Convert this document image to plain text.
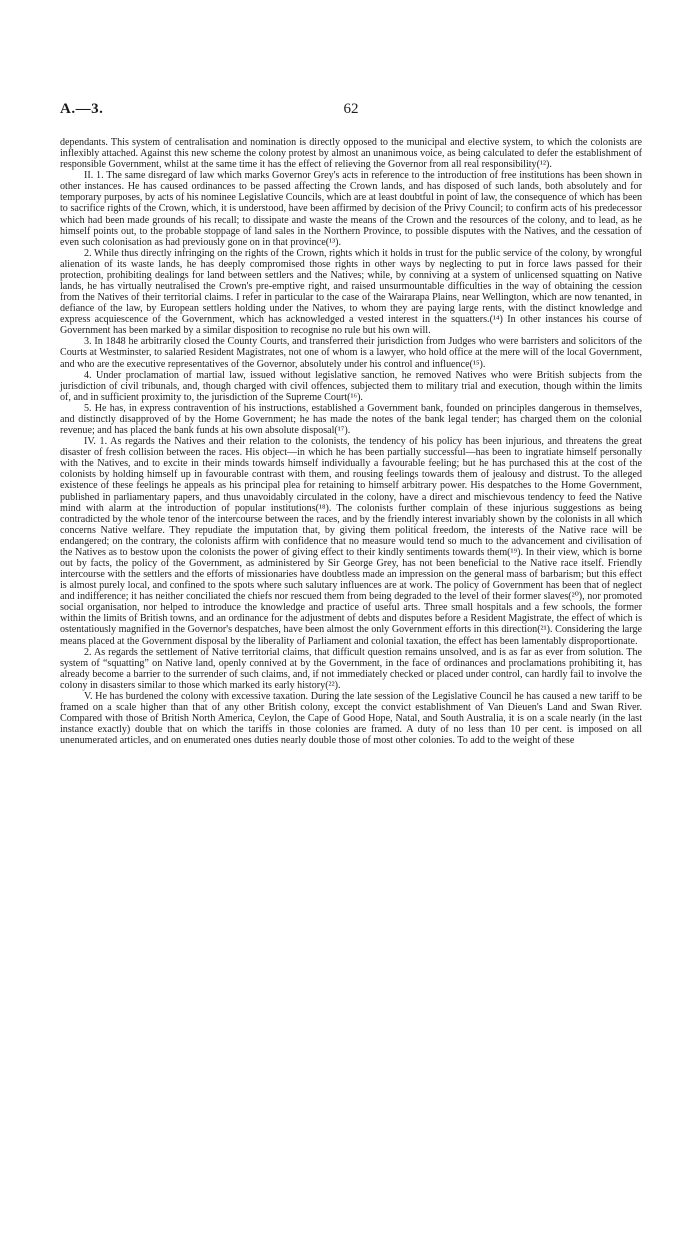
A.—3.	62

dependants. This system of centralisation and nomination is directly opposed to the municipal and elective system, to which the colonists are inflexibly attached. Against this new scheme the colony protest by almost an unanimous voice, as being calculated to defer the establishment of responsible Government, whilst at the same time it has the effect of relieving the Governor from all real responsibility(¹²).

II. 1. The same disregard of law which marks Governor Grey's acts in reference to the introduction of free institutions has been shown in other instances. He has caused ordinances to be passed affecting the Crown lands, and has disposed of such lands, both absolutely and for temporary purposes, by acts of his nominee Legislative Councils, which are at least doubtful in point of law, the consequence of which has been to sacrifice rights of the Crown, which, it is understood, have been affirmed by decision of the Privy Council; to confirm acts of his predecessor which had been made grounds of his recall; to dissipate and waste the means of the Crown and the resources of the colony, and to lead, as he himself points out, to the probable stoppage of land sales in the Northern Province, to possible disputes with the Natives, and the cessation of even such colonisation as had previously gone on in that province(¹³).

2. While thus directly infringing on the rights of the Crown, rights which it holds in trust for the public service of the colony, by wrongful alienation of its waste lands, he has deeply compromised those rights in other ways by neglecting to put in force laws passed for their protection, prohibiting dealings for land between settlers and the Natives; while, by conniving at a system of unlicensed squatting on Native lands, he has virtually neutralised the Crown's pre-emptive right, and raised unsurmountable difficulties in the way of obtaining the cession from the Natives of their territorial claims. I refer in particular to the case of the Wairarapa Plains, near Wellington, which are now tenanted, in defiance of the law, by European settlers holding under the Natives, to whom they are paying large rents, with the distinct knowledge and express acquiescence of the Government, which has acknowledged a vested interest in the squatters.(¹⁴) In other instances his course of Government has been marked by a similar disposition to recognise no rule but his own will.

3. In 1848 he arbitrarily closed the County Courts, and transferred their jurisdiction from Judges who were barristers and solicitors of the Courts at Westminster, to salaried Resident Magistrates, not one of whom is a lawyer, who hold office at the mere will of the local Government, and who are the executive representatives of the Governor, absolutely under his control and influence(¹⁵).

4. Under proclamation of martial law, issued without legislative sanction, he removed Natives who were British subjects from the jurisdiction of civil tribunals, and, though charged with civil offences, subjected them to military trial and execution, though within the limits of, and in sufficient proximity to, the jurisdiction of the Supreme Court(¹⁶).

5. He has, in express contravention of his instructions, established a Government bank, founded on principles dangerous in themselves, and distinctly disapproved of by the Home Government; he has made the notes of the bank legal tender; has charged them on the colonial revenue; and has placed the bank funds at his own absolute disposal(¹⁷).

IV. 1. As regards the Natives and their relation to the colonists, the tendency of his policy has been injurious, and threatens the great disaster of fresh collision between the races. His object—in which he has been partially successful—has been to ingratiate himself personally with the Natives, and to excite in their minds towards himself individually a favourable feeling; but he has purchased this at the cost of the colonists by holding himself up in favourable contrast with them, and rousing feelings towards them of jealousy and distrust. To the alleged existence of these feelings he appeals as his principal plea for retaining to himself arbitrary power. His despatches to the Home Government, published in parliamentary papers, and thus unavoidably circulated in the colony, have a direct and mischievous tendency to feed the Native mind with alarm at the introduction of popular institutions(¹⁸). The colonists further complain of these injurious suggestions as being contradicted by the whole tenor of the intercourse between the races, and by the friendly interest invariably shown by the colonists in all which concerns Native welfare. They repudiate the imputation that, by giving them political freedom, the interests of the Native race will be endangered; on the contrary, the colonists affirm with confidence that no measure would tend so much to the advancement and civilisation of the Natives as to bestow upon the colonists the power of giving effect to their kindly sentiments towards them(¹⁹). In their view, which is borne out by facts, the policy of the Government, as administered by Sir George Grey, has not been beneficial to the Native race itself. Friendly intercourse with the settlers and the efforts of missionaries have doubtless made an impression on the general mass of barbarism; but this effect is almost purely local, and confined to the spots where such salutary influences are at work. The policy of Government has been that of neglect and indifference; it has neither conciliated the chiefs nor rescued them from being degraded to the level of their former slaves(²⁰), nor promoted social organisation, nor helped to introduce the knowledge and practice of useful arts. Three small hospitals and a few schools, the former within the limits of British towns, and an ordinance for the adjustment of debts and disputes before a Resident Magistrate, the effect of which is ostentatiously magnified in the Governor's despatches, have been almost the only Government efforts in this direction(²¹). Considering the large means placed at the Government disposal by the liberality of Parliament and colonial taxation, the effect has been lamentably disproportionate.

2. As regards the settlement of Native territorial claims, that difficult question remains unsolved, and is as far as ever from solution. The system of “squatting” on Native land, openly connived at by the Government, in the face of ordinances and proclamations prohibiting it, has already become a barrier to the surrender of such claims, and, if not immediately checked or placed under control, can hardly fail to involve the colony in disasters similar to those which marked its early history(²²).

V. He has burdened the colony with excessive taxation. During the late session of the Legislative Council he has caused a new tariff to be framed on a scale higher than that of any other British colony, except the convict establishment of Van Dieuen's Land and Swan River. Compared with those of British North America, Ceylon, the Cape of Good Hope, Natal, and South Australia, it is on a scale nearly (in the last instance exactly) double that on which the tariffs in those colonies are framed. A duty of no less than 10 per cent. is imposed on all unenumerated articles, and on enumerated ones duties nearly double those of most other colonies. To add to the weight of these
